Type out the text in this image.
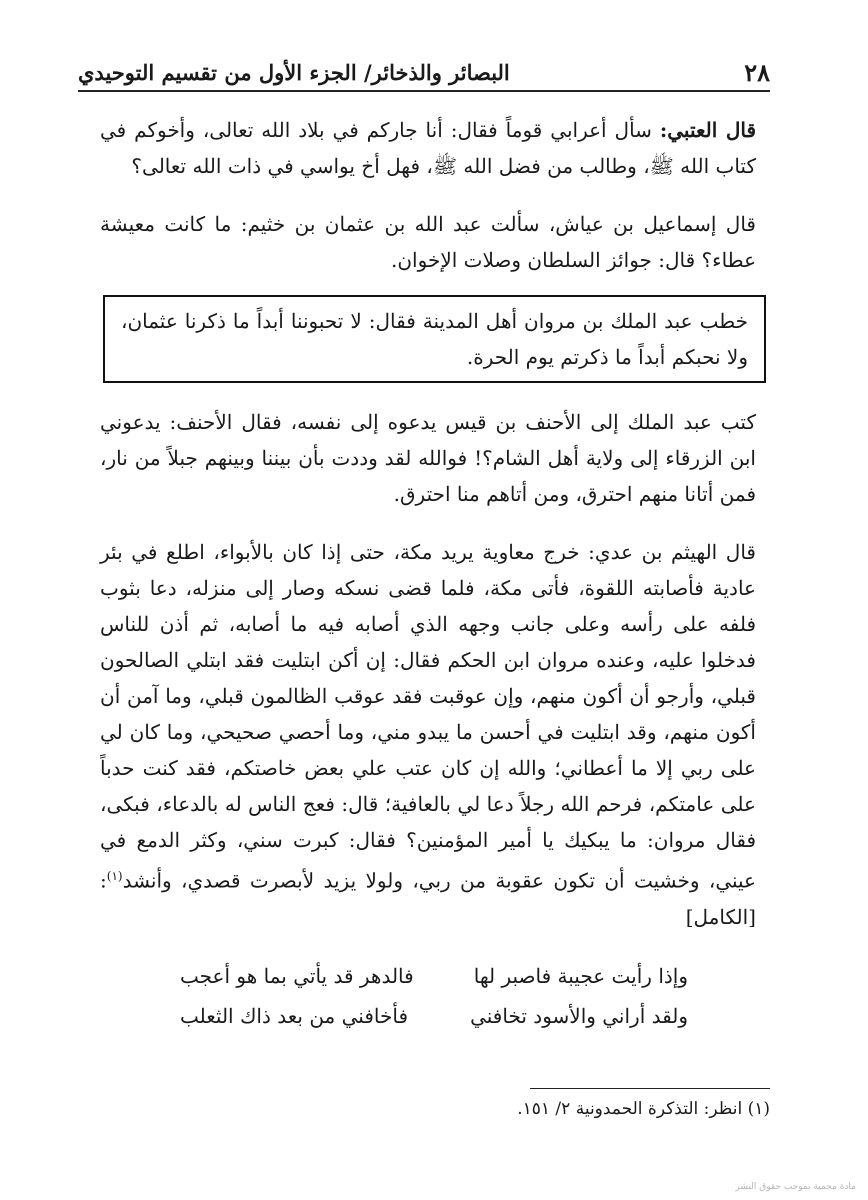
٢٨
البصائر والذخائر/ الجزء الأول من تقسيم التوحيدي

قال العتبي: سأل أعرابي قوماً فقال: أنا جاركم في بلاد الله تعالى، وأخوكم في كتاب الله ﷺ، وطالب من فضل الله ﷺ، فهل أخ يواسي في ذات الله تعالى؟

قال إسماعيل بن عياش، سألت عبد الله بن عثمان بن خثيم: ما كانت معيشة عطاء؟ قال: جوائز السلطان وصلات الإخوان.

خطب عبد الملك بن مروان أهل المدينة فقال: لا تحبوننا أبداً ما ذكرنا عثمان، ولا نحبكم أبداً ما ذكرتم يوم الحرة.

كتب عبد الملك إلى الأحنف بن قيس يدعوه إلى نفسه، فقال الأحنف: يدعوني ابن الزرقاء إلى ولاية أهل الشام؟! فوالله لقد وددت بأن بيننا وبينهم جبلاً من نار، فمن أتانا منهم احترق، ومن أتاهم منا احترق.

قال الهيثم بن عدي: خرج معاوية يريد مكة، حتى إذا كان بالأبواء، اطلع في بئر عادية فأصابته اللقوة، فأتى مكة، فلما قضى نسكه وصار إلى منزله، دعا بثوب فلفه على رأسه وعلى جانب وجهه الذي أصابه فيه ما أصابه، ثم أذن للناس فدخلوا عليه، وعنده مروان ابن الحكم فقال: إن أكن ابتليت فقد ابتلي الصالحون قبلي، وأرجو أن أكون منهم، وإن عوقبت فقد عوقب الظالمون قبلي، وما آمن أن أكون منهم، وقد ابتليت في أحسن ما يبدو مني، وما أحصي صحيحي، وما كان لي على ربي إلا ما أعطاني؛ والله إن كان عتب علي بعض خاصتكم، فقد كنت حدباً على عامتكم، فرحم الله رجلاً دعا لي بالعافية؛ قال: فعج الناس له بالدعاء، فبكى، فقال مروان: ما يبكيك يا أمير المؤمنين؟ فقال: كبرت سني، وكثر الدمع في عيني، وخشيت أن تكون عقوبة من ربي، ولولا يزيد لأبصرت قصدي، وأنشد$^{(١)}$: [الكامل]

وإذا رأيت عجيبة فاصبر لها
فالدهر قد يأتي بما هو أعجب
ولقد أراني والأسود تخافني
فأخافني من بعد ذاك الثعلب
(١) انظر: التذكرة الحمدونية ٢/ ١٥١.
مادة محمية بموجب حقوق النشر
